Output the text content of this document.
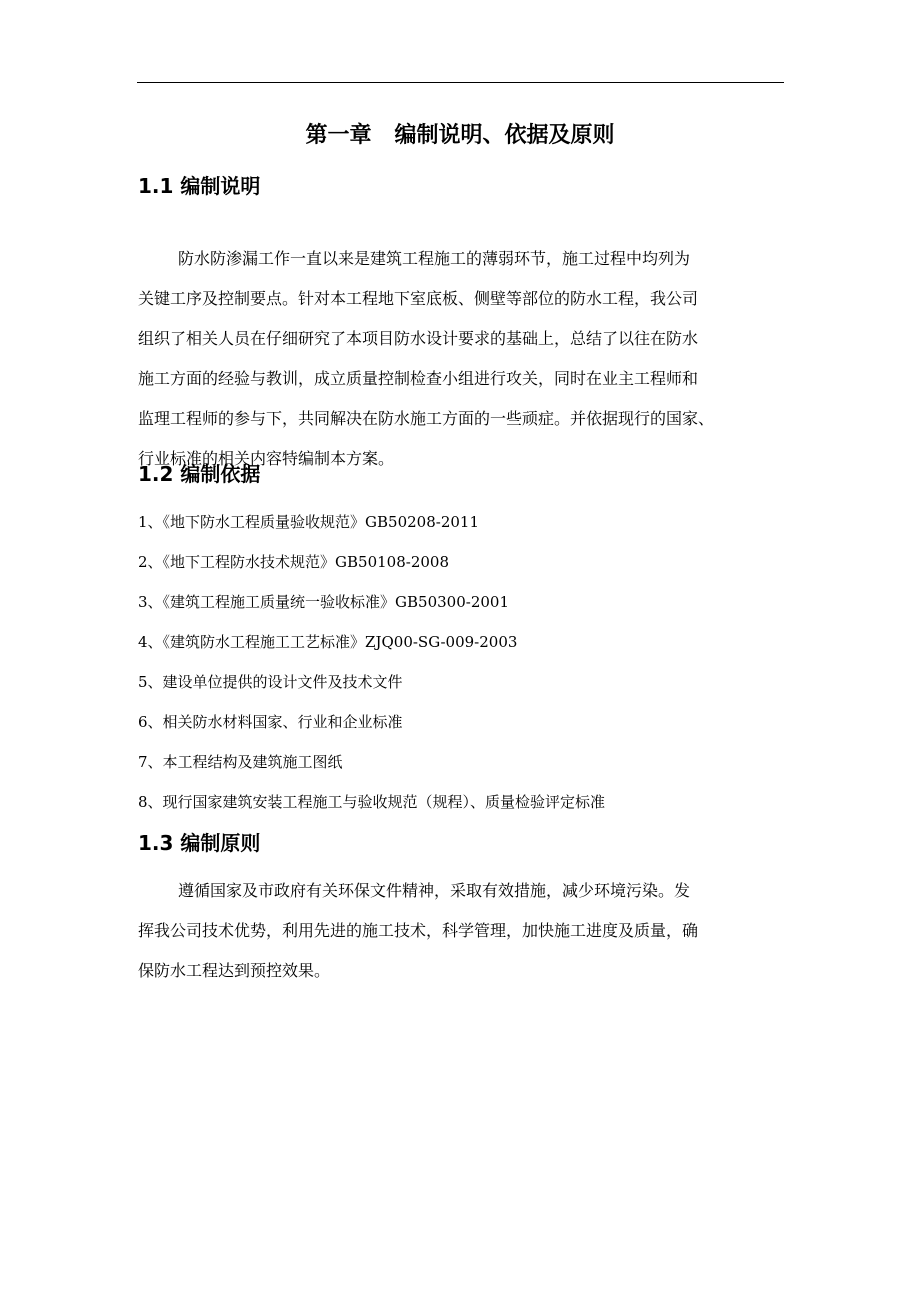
第一章   编制说明、依据及原则
1.1 编制说明
防水防渗漏工作一直以来是建筑工程施工的薄弱环节，施工过程中均列为
关键工序及控制要点。针对本工程地下室底板、侧壁等部位的防水工程，我公司
组织了相关人员在仔细研究了本项目防水设计要求的基础上，总结了以往在防水
施工方面的经验与教训，成立质量控制检查小组进行攻关，同时在业主工程师和
监理工程师的参与下，共同解决在防水施工方面的一些顽症。并依据现行的国家、
行业标准的相关内容特编制本方案。
1.2 编制依据
1、《地下防水工程质量验收规范》GB50208-2011
2、《地下工程防水技术规范》GB50108-2008
3、《建筑工程施工质量统一验收标准》GB50300-2001
4、《建筑防水工程施工工艺标准》ZJQ00-SG-009-2003
5、建设单位提供的设计文件及技术文件
6、相关防水材料国家、行业和企业标准
7、本工程结构及建筑施工图纸
8、现行国家建筑安装工程施工与验收规范（规程）、质量检验评定标准
1.3 编制原则
遵循国家及市政府有关环保文件精神，采取有效措施，减少环境污染。发
挥我公司技术优势，利用先进的施工技术，科学管理，加快施工进度及质量，确
保防水工程达到预控效果。
